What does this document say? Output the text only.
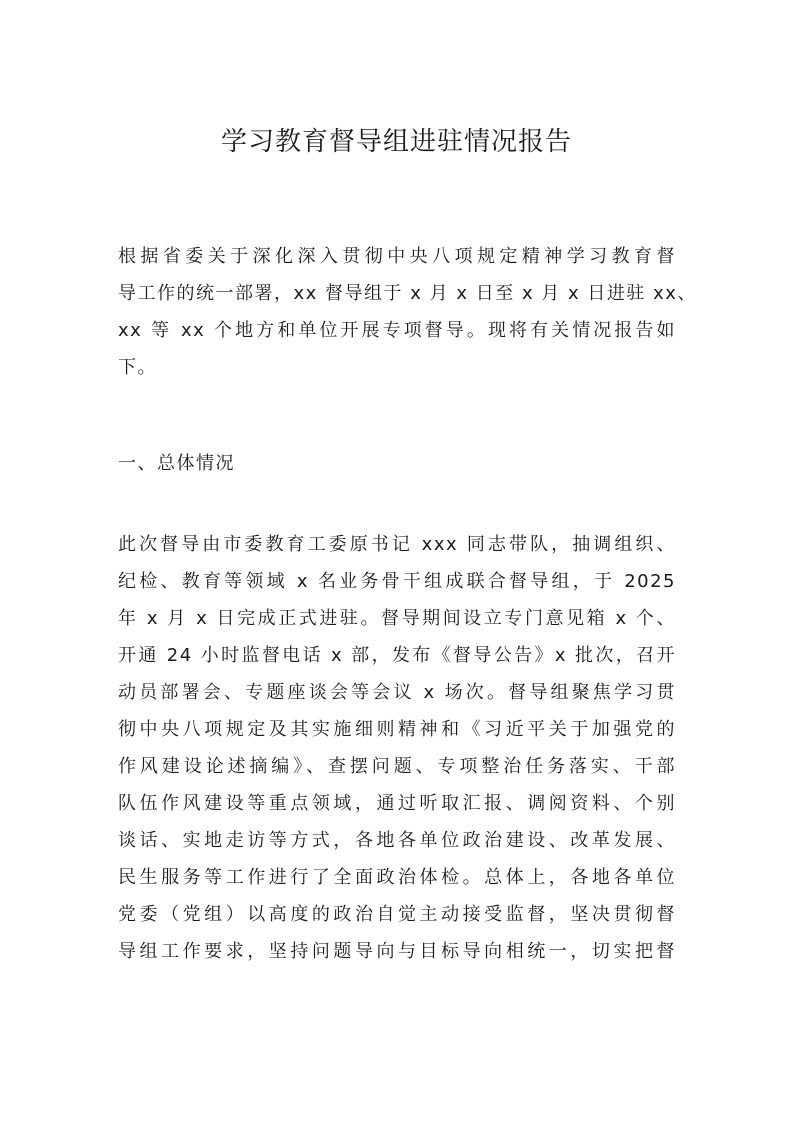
学习教育督导组进驻情况报告

根据省委关于深化深入贯彻中央八项规定精神学习教育督
导工作的统一部署，xx 督导组于 x 月 x 日至 x 月 x 日进驻 xx、
xx 等 xx 个地方和单位开展专项督导。现将有关情况报告如
下。

一、总体情况

此次督导由市委教育工委原书记 xxx 同志带队，抽调组织、
纪检、教育等领域 x 名业务骨干组成联合督导组，于 2025
年 x 月 x 日完成正式进驻。督导期间设立专门意见箱 x 个、
开通 24 小时监督电话 x 部，发布《督导公告》x 批次，召开
动员部署会、专题座谈会等会议 x 场次。督导组聚焦学习贯
彻中央八项规定及其实施细则精神和《习近平关于加强党的
作风建设论述摘编》、查摆问题、专项整治任务落实、干部
队伍作风建设等重点领域，通过听取汇报、调阅资料、个别
谈话、实地走访等方式，各地各单位政治建设、改革发展、
民生服务等工作进行了全面政治体检。总体上，各地各单位
党委（党组）以高度的政治自觉主动接受监督，坚决贯彻督
导组工作要求，坚持问题导向与目标导向相统一，切实把督
